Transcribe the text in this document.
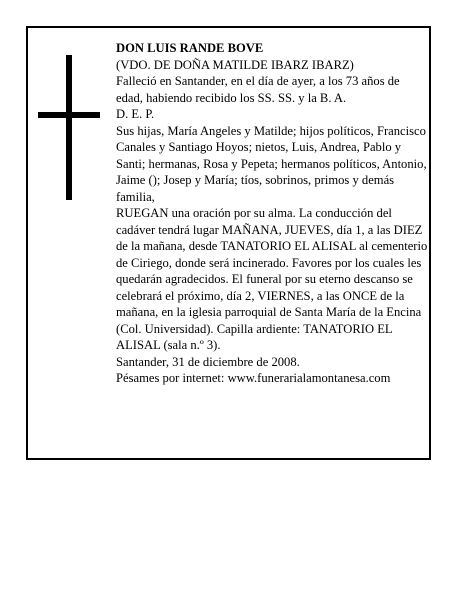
DON LUIS RANDE BOVE

(VDO. DE DOÑA MATILDE IBARZ IBARZ)

Falleció en Santander, en el día de ayer, a los 73 años de edad, habiendo recibido los SS. SS. y la B. A.

D. E. P.

Sus hijas, María Angeles y Matilde; hijos políticos, Francisco Canales y Santiago Hoyos; nietos, Luis, Andrea, Pablo y Santi; hermanas, Rosa y Pepeta; hermanos políticos, Antonio, Jaime (); Josep y María; tíos, sobrinos, primos y demás familia,

RUEGAN una oración por su alma. La conducción del cadáver tendrá lugar MAÑANA, JUEVES, día 1, a las DIEZ de la mañana, desde TANATORIO EL ALISAL al cementerio de Ciriego, donde será incinerado. Favores por los cuales les quedarán agradecidos. El funeral por su eterno descanso se celebrará el próximo, día 2, VIERNES, a las ONCE de la mañana, en la iglesia parroquial de Santa María de la Encina (Col. Universidad). Capilla ardiente: TANATORIO EL ALISAL (sala n.º 3).

Santander, 31 de diciembre de 2008.

Pésames por internet: www.funerarialamontanesa.com
